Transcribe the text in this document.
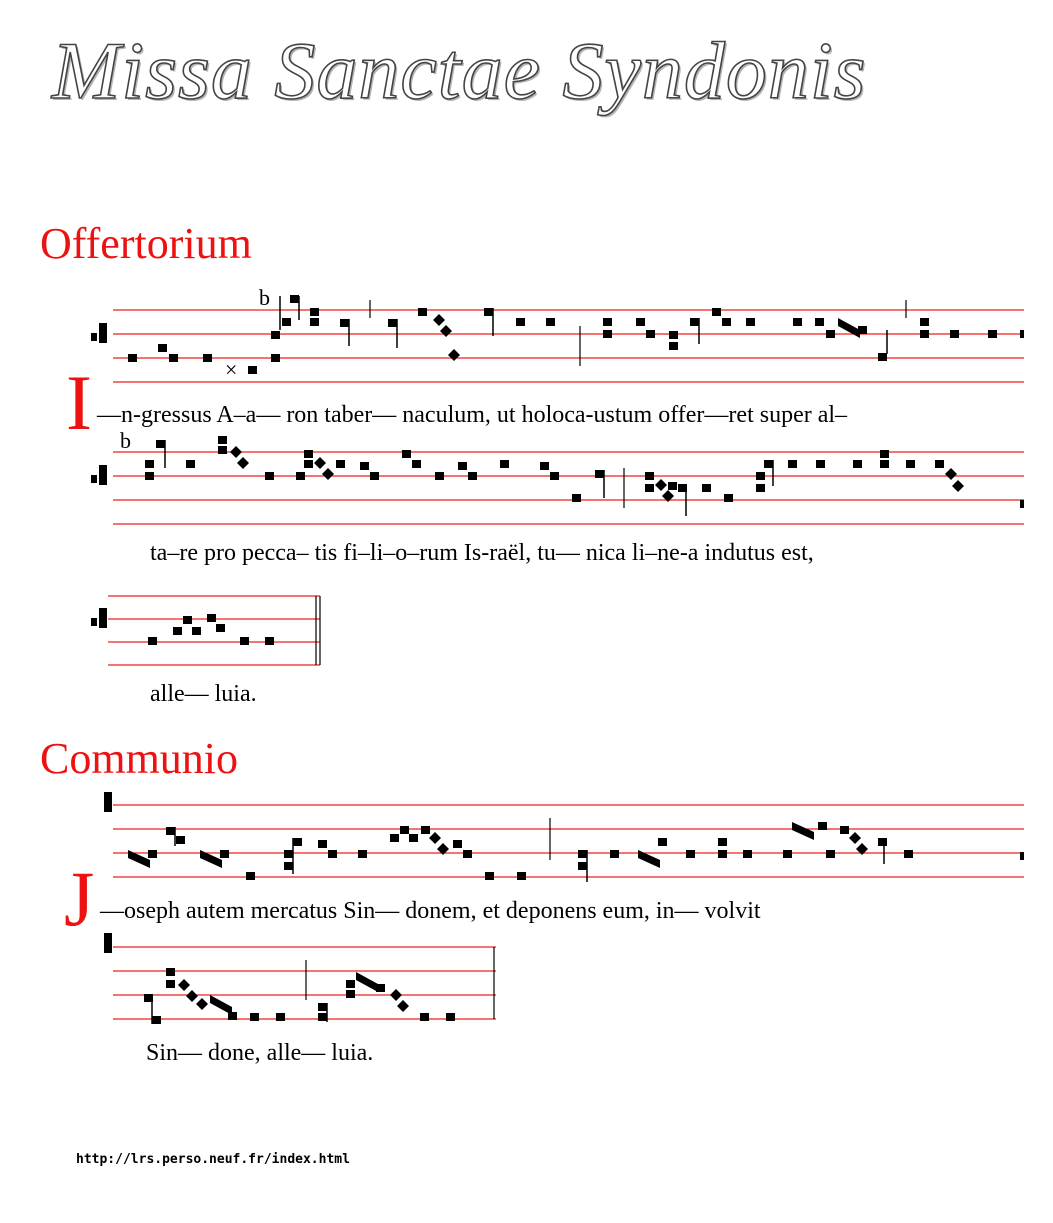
Missa Sanctae Syndonis
Offertorium
Communio
b
b
×
I —n-gressus A–a— ron taber— naculum, ut holoca-ustum offer—ret super al–
ta–re pro pecca– tis fi–li–o–rum Is-raël, tu— nica li–ne-a indutus est,
alle— luia.
J —oseph autem mercatus Sin— donem, et deponens eum, in— volvit
Sin— done, alle— luia.
http://lrs.perso.neuf.fr/index.html
